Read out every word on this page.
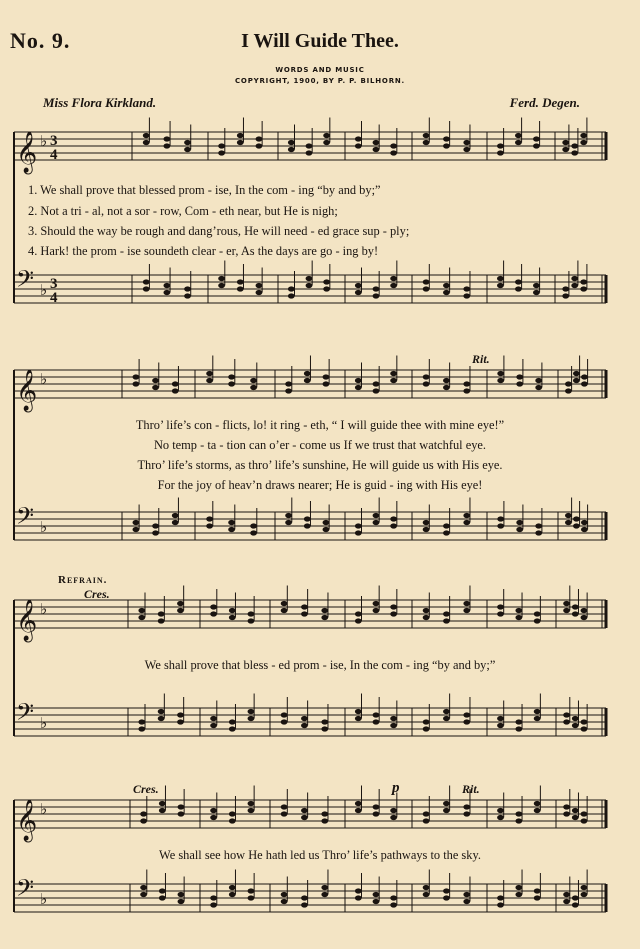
𝄞 ♭ 3
4
𝄢 ♭ 3
4
𝄞 ♭
𝄢 ♭
𝄞 ♭
𝄢 ♭
𝄞 ♭
𝄢 ♭
No. 9.	I Will Guide Thee.
WORDS AND MUSIC
COPYRIGHT, 1900, BY P. P. BILHORN.
Miss Flora Kirkland.	Ferd. Degen.
1. We shall prove that blessed prom - ise, In the com - ing “by and by;”
2. Not a tri - al, not a sor - row, Com - eth near, but He is nigh;
3. Should the way be rough and dang’rous, He will need - ed grace sup - ply;
4. Hark! the prom - ise soundeth clear - er, As the days are go - ing by!
Thro’ life’s con - flicts, lo! it ring - eth, “ I will guide thee with mine eye!”
No temp - ta - tion can o’er - come us If we trust that watchful eye.
Thro’ life’s storms, as thro’ life’s sunshine, He will guide us with His eye.
For the joy of heav’n draws nearer; He is guid - ing with His eye!
Refrain.
We shall prove that bless - ed prom - ise, In the com - ing “by and by;”
We shall see how He hath led us Thro’ life’s pathways to the sky.
Rit.
Cres.
Cres.	p	Rit.
